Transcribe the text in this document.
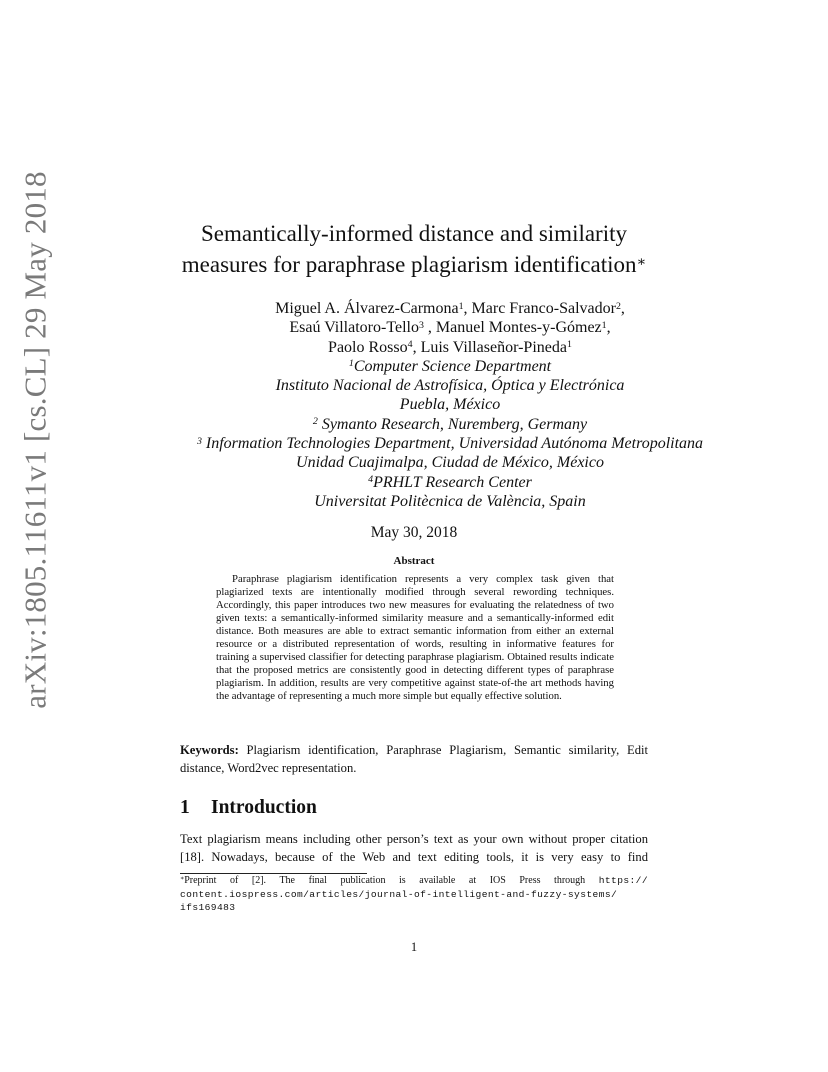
arXiv:1805.11611v1 [cs.CL] 29 May 2018	Semantically-informed distance and similarity
measures for paraphrase plagiarism identification∗
Miguel A. Álvarez-Carmona$^1$, Marc Franco-Salvador$^2$,
Esaú Villatoro-Tello$^3$ , Manuel Montes-y-Gómez$^1$,
Paolo Rosso$^4$, Luis Villaseñor-Pineda$^1$
$^1$Computer Science Department
Instituto Nacional de Astrofísica, Óptica y Electrónica
Puebla, México
$^2$ Symanto Research, Nuremberg, Germany
$^3$ Information Technologies Department, Universidad Autónoma Metropolitana
Unidad Cuajimalpa, Ciudad de México, México
$^4$PRHLT Research Center
Universitat Politècnica de València, Spain
May 30, 2018
Abstract
Paraphrase plagiarism identification represents a very complex task given that plagiarized texts are intentionally modified through several rewording techniques. Accordingly, this paper introduces two new measures for evaluating the relatedness of two given texts: a semantically-informed similarity measure and a semantically-informed edit distance. Both measures are able to extract semantic information from either an external resource or a distributed representation of words, resulting in informative features for training a supervised classifier for detecting paraphrase plagiarism. Obtained results indicate that the proposed metrics are consistently good in detecting different types of paraphrase plagiarism. In addition, results are very competitive against state-of-the art methods having the advantage of representing a much more simple but equally effective solution.
Keywords: Plagiarism identification, Paraphrase Plagiarism, Semantic similarity, Edit distance, Word2vec representation.
1 Introduction
Text plagiarism means including other person’s text as your own without proper citation [18]. Nowadays, because of the Web and text editing tools, it is very easy to find
∗Preprint of [2]. The final publication is available at IOS Press through https://
content.iospress.com/articles/journal-of-intelligent-and-fuzzy-systems/
ifs169483
1
